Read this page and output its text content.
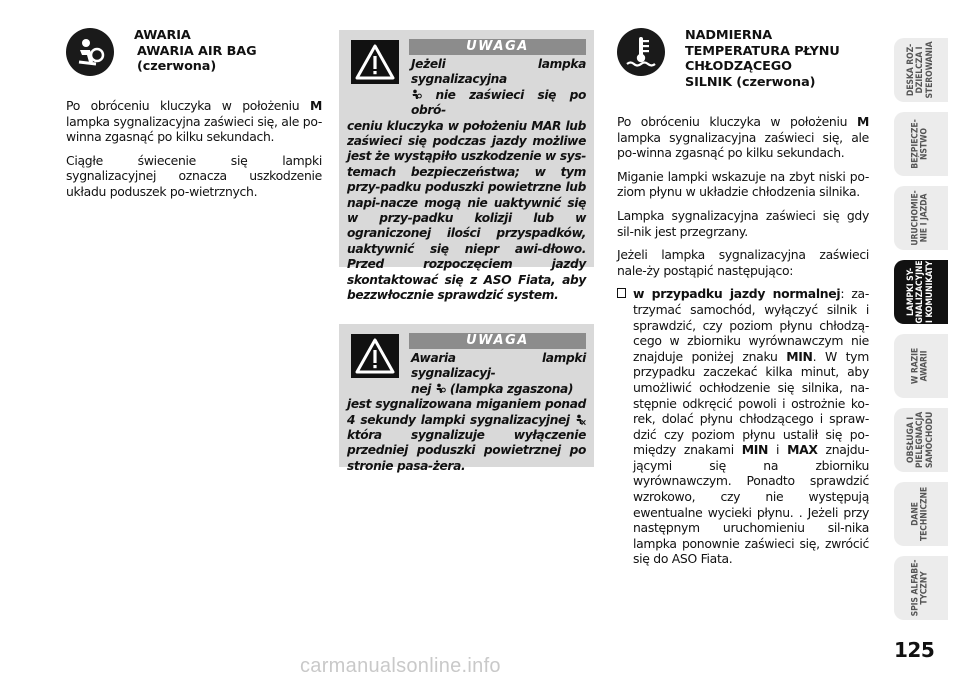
AWARIA
AWARIA AIR BAG
(czerwona)

Po obróceniu kluczyka w położeniu M lampka sygnalizacyjna zaświeci się, ale po-winna zgasnąć po kilku sekundach.

Ciągłe świecenie się lampki sygnalizacyjnej oznacza uszkodzenie układu poduszek po-wietrznych.

UWAGA
Jeżeli lampka sygnalizacyjna
nie zaświeci się po obró-
ceniu kluczyka w położeniu MAR lub zaświeci się podczas jazdy możliwe jest że wystąpiło uszkodzenie w sys-temach bezpieczeństwa; w tym przy-padku poduszki powietrzne lub napi-nacze mogą nie uaktywnić się w przy-padku kolizji lub w ograniczonej ilości przyspadków, uaktywnić się niepr awi-dłowo. Przed rozpoczęciem jazdy skontaktować się z ASO Fiata, aby bezzwłocznie sprawdzić system.
UWAGA
Awaria lampki sygnalizacyj-
nej  (lampka zgaszona)
jest sygnalizowana miganiem ponad 4 sekundy lampki sygnalizacyjnej  która sygnalizuje wyłączenie przedniej poduszki powietrznej po stronie pasa-żera.
NADMIERNA
TEMPERATURA PŁYNU
CHŁODZĄCEGO
SILNIK (czerwona)

Po obróceniu kluczyka w położeniu M lampka sygnalizacyjna zaświeci się, ale po-winna zgasnąć po kilku sekundach.

Miganie lampki wskazuje na zbyt niski po-ziom płynu w układzie chłodzenia silnika.

Lampka sygnalizacyjna zaświeci się gdy sil-nik jest przegrzany.

Jeżeli lampka sygnalizacyjna zaświeci nale-ży postąpić następująco:

w przypadku jazdy normalnej: za-trzymać samochód, wyłączyć silnik i sprawdzić, czy poziom płynu chłodzą-cego w zbiorniku wyrównawczym nie znajduje poniżej znaku MIN. W tym przypadku zaczekać kilka minut, aby umożliwić ochłodzenie się silnika, na-stępnie odkręcić powoli i ostrożnie ko-rek, dolać płynu chłodzącego i spraw-dzić czy poziom płynu ustalił się po-między znakami MIN i MAX znajdu-jącymi się na zbiorniku wyrównawczym. Ponadto sprawdzić wzrokowo, czy nie występują ewentualne wycieki płynu. . Jeżeli przy następnym uruchomieniu sil-nika lampka ponownie zaświeci się, zwrócić się do ASO Fiata.
DESKA ROZ-
DZIELCZA I
STEROWANIA
BEZPIECZE-
ŃSTWO
URUCHOMIE-
NIE I JAZDA
LAMPKI SY-
GNALIZACYJNE
I KOMUNIKATY
W RAZIE
AWARII
OBSŁUGA I
PIELĘGNACJA
SAMOCHODU
DANE
TECHNICZNE
SPIS ALFABE-
TYCZNY
125
carmanualsonline.info
